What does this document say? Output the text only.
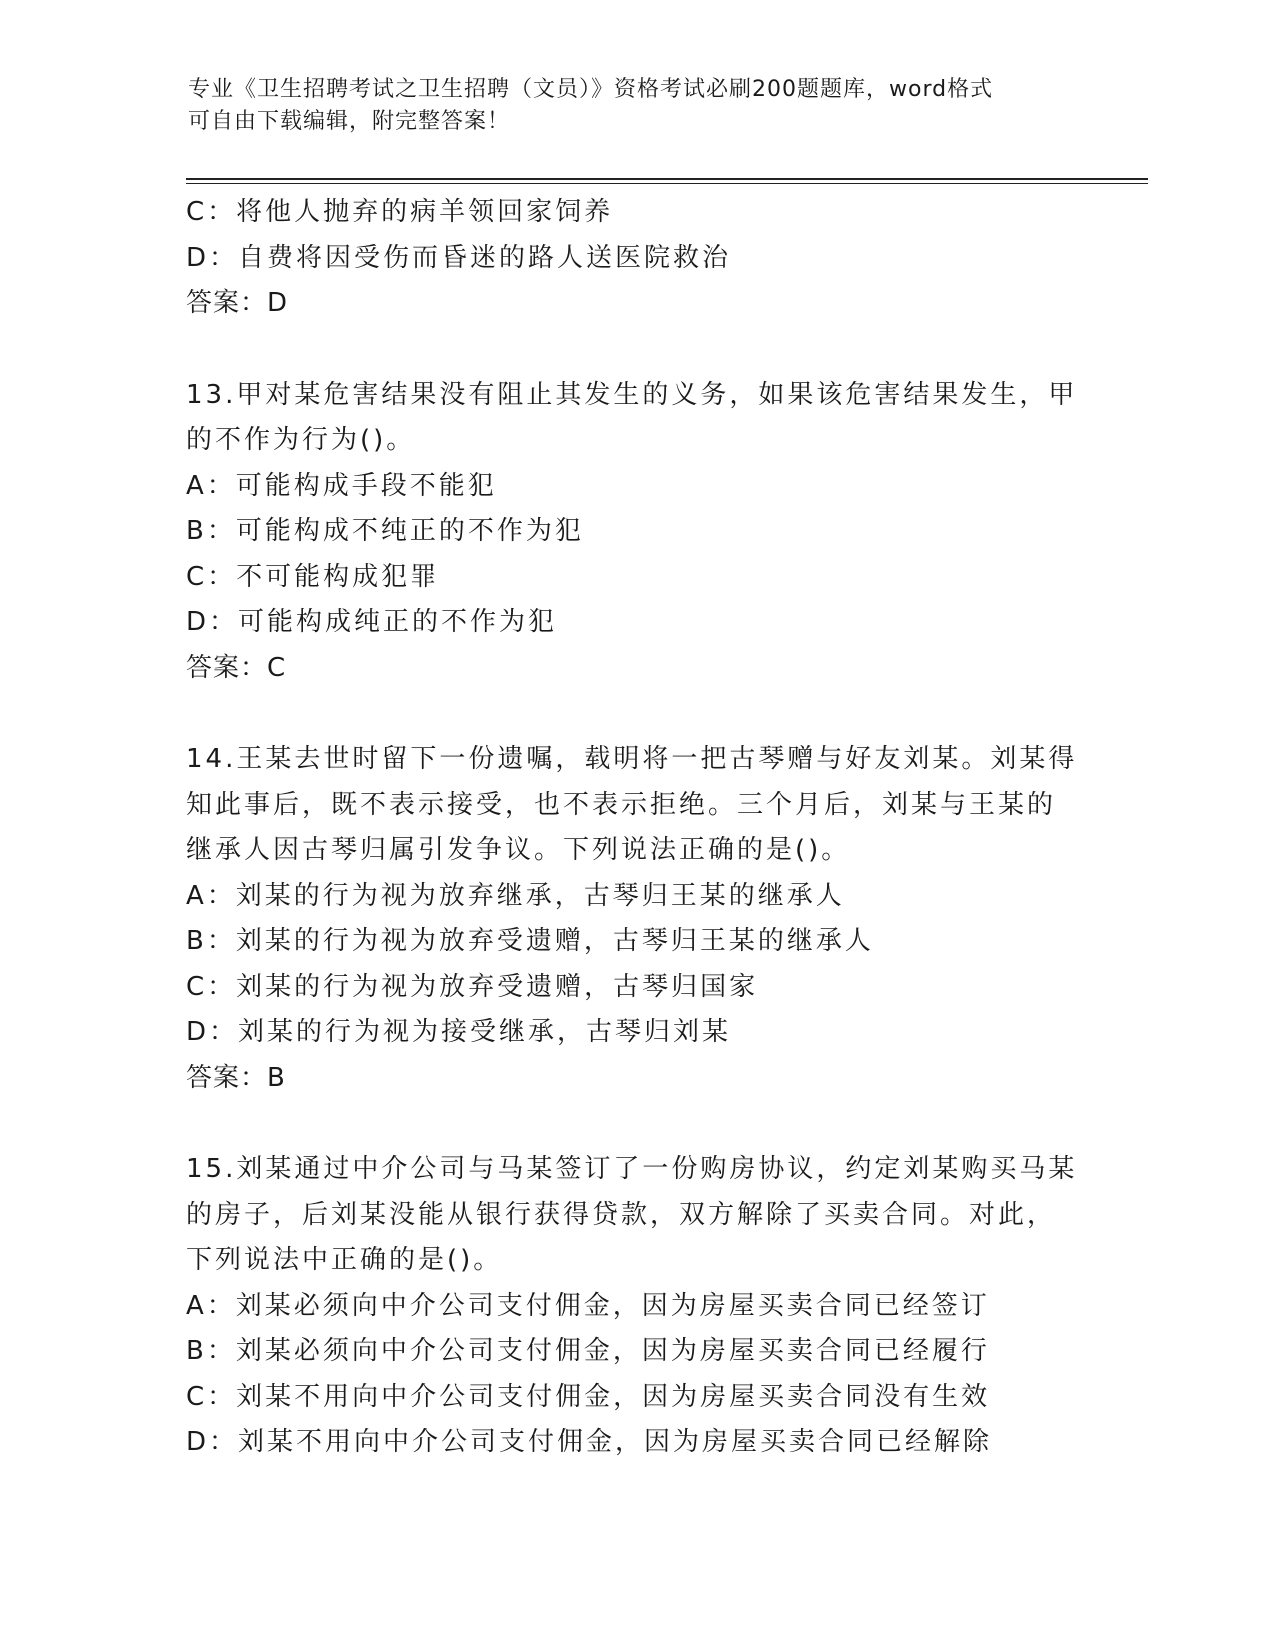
专业《卫生招聘考试之卫生招聘（文员）》资格考试必刷200题题库，word格式
可自由下载编辑，附完整答案！
C：将他人抛弃的病羊领回家饲养
D：自费将因受伤而昏迷的路人送医院救治
答案：D
13.甲对某危害结果没有阻止其发生的义务，如果该危害结果发生，甲
的不作为行为()。
A：可能构成手段不能犯
B：可能构成不纯正的不作为犯
C：不可能构成犯罪
D：可能构成纯正的不作为犯
答案：C
14.王某去世时留下一份遗嘱，载明将一把古琴赠与好友刘某。刘某得
知此事后，既不表示接受，也不表示拒绝。三个月后，刘某与王某的
继承人因古琴归属引发争议。下列说法正确的是()。
A：刘某的行为视为放弃继承，古琴归王某的继承人
B：刘某的行为视为放弃受遗赠，古琴归王某的继承人
C：刘某的行为视为放弃受遗赠，古琴归国家
D：刘某的行为视为接受继承，古琴归刘某
答案：B
15.刘某通过中介公司与马某签订了一份购房协议，约定刘某购买马某
的房子，后刘某没能从银行获得贷款，双方解除了买卖合同。对此，
下列说法中正确的是()。
A：刘某必须向中介公司支付佣金，因为房屋买卖合同已经签订
B：刘某必须向中介公司支付佣金，因为房屋买卖合同已经履行
C：刘某不用向中介公司支付佣金，因为房屋买卖合同没有生效
D：刘某不用向中介公司支付佣金，因为房屋买卖合同已经解除
